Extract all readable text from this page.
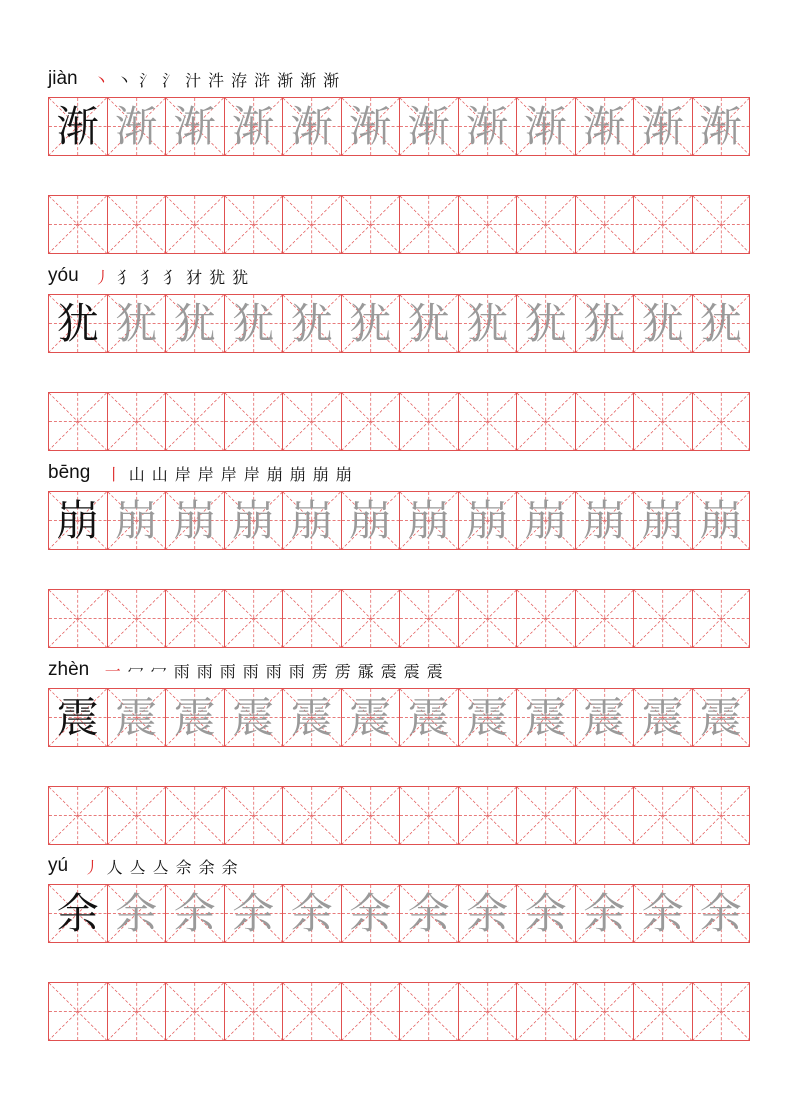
jiàn 丶 丶 氵 氵 汁 汼 洊 浒 渐 渐 渐
渐 渐 渐 渐 渐 渐 渐 渐 渐 渐 渐 渐
yóu 丿 犭 犭 犭 犲 犹 犹
犹 犹 犹 犹 犹 犹 犹 犹 犹 犹 犹 犹
bēng 丨 山 山 岸 岸 岸 岸 崩 崩 崩 崩
崩 崩 崩 崩 崩 崩 崩 崩 崩 崩 崩 崩
zhèn 一 冖 冖 雨 雨 雨 雨 雨 雨 雳 雳 霡 震 震 震
震 震 震 震 震 震 震 震 震 震 震 震
yú 丿 人 亼 亼 佘 余 余
余 余 余 余 余 余 余 余 余 余 余 余
